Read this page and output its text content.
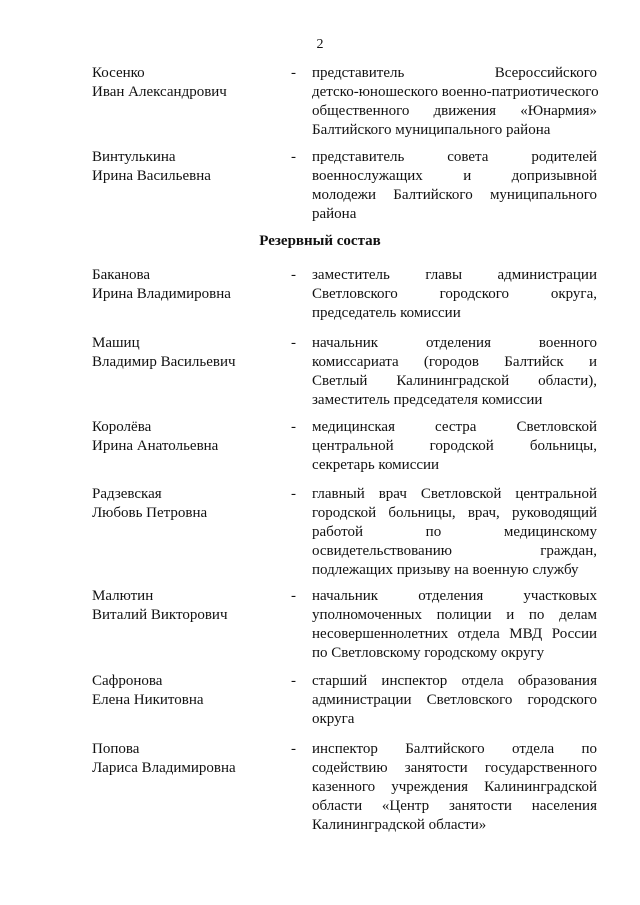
2
Косенко
Иван Александрович
- представитель Всероссийского
детско-юношеского военно-патриотического
общественного движения «Юнармия»
Балтийского муниципального района
Винтулькина
Ирина Васильевна
- представитель совета родителей
военнослужащих и допризывной
молодежи Балтийского муниципального
района
Резервный состав
Баканова
Ирина Владимировна
- заместитель главы администрации
Светловского городского округа,
председатель комиссии
Машиц
Владимир Васильевич
- начальник отделения военного
комиссариата (городов Балтийск и
Светлый Калининградской области),
заместитель председателя комиссии
Королёва
Ирина Анатольевна
- медицинская сестра Светловской
центральной городской больницы,
секретарь комиссии
Радзевская
Любовь Петровна
- главный врач Светловской центральной
городской больницы, врач, руководящий
работой по медицинскому
освидетельствованию граждан,
подлежащих призыву на военную службу
Малютин
Виталий Викторович
- начальник отделения участковых
уполномоченных полиции и по делам
несовершеннолетних отдела МВД России
по Светловскому городскому округу
Сафронова
Елена Никитовна
- старший инспектор отдела образования
администрации Светловского городского
округа
Попова
Лариса Владимировна
- инспектор Балтийского отдела по
содействию занятости государственного
казенного учреждения Калининградской
области «Центр занятости населения
Калининградской области»
